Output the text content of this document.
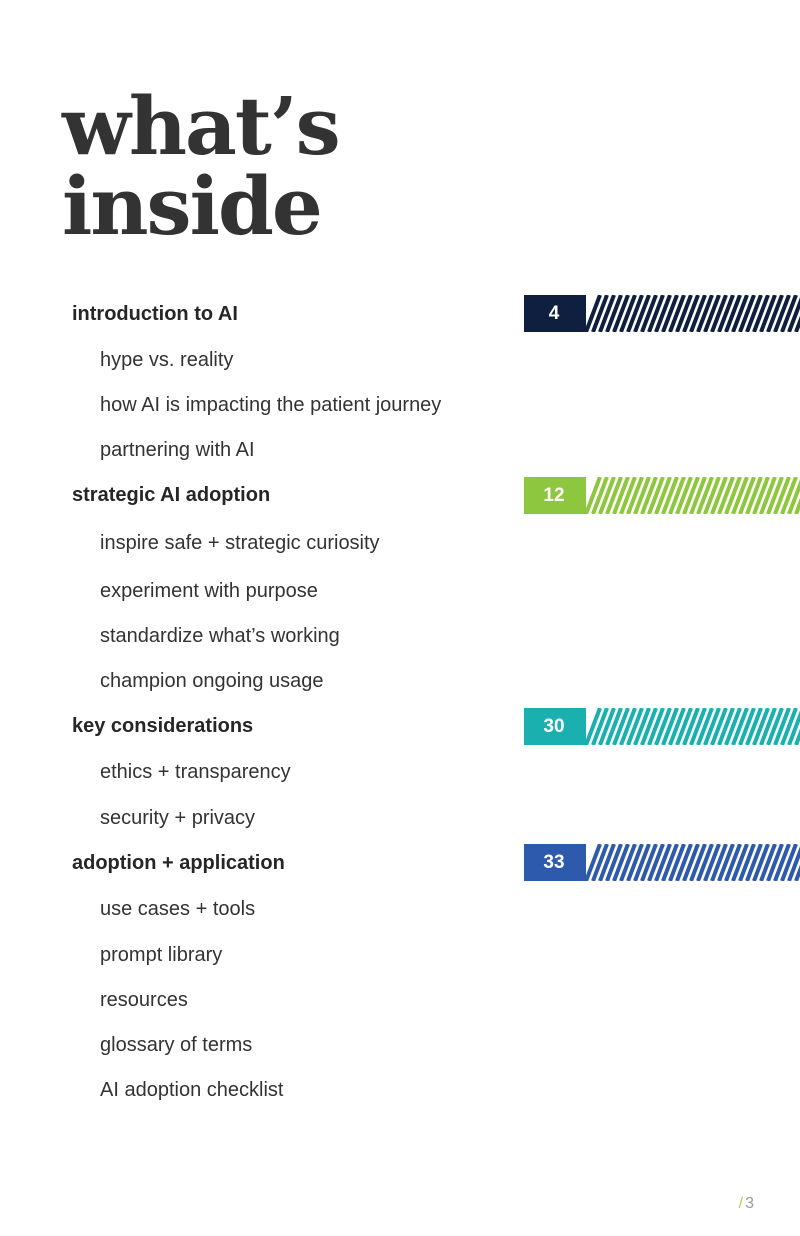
what’s
inside
introduction to AI	4
hype vs. reality
how AI is impacting the patient journey
partnering with AI
strategic AI adoption	12
inspire safe + strategic curiosity
experiment with purpose
standardize what’s working
champion ongoing usage
key considerations	30
ethics + transparency
security + privacy
adoption + application	33
use cases + tools
prompt library
resources
glossary of terms
AI adoption checklist
/ 3
